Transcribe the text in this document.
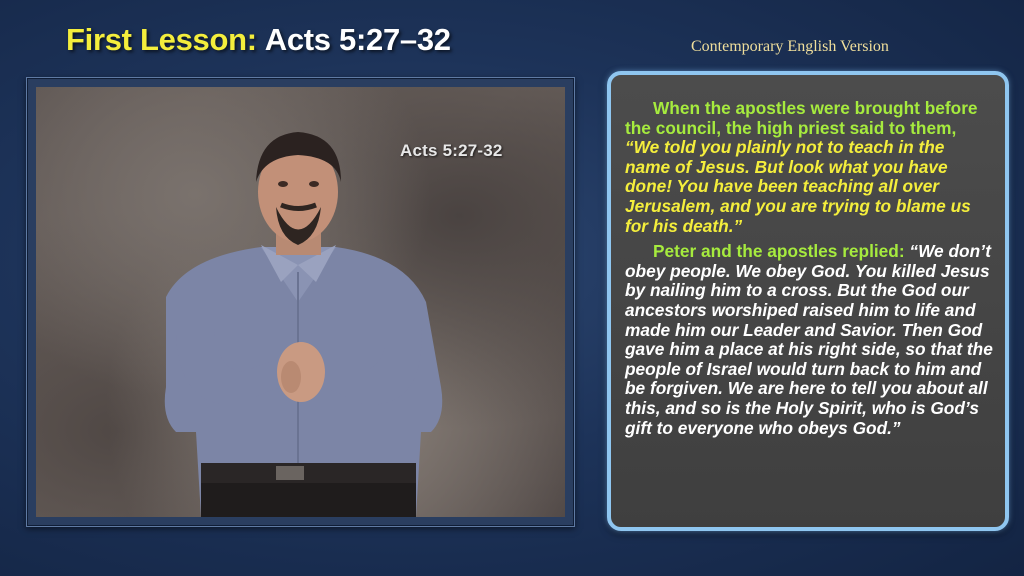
First Lesson: Acts 5:27–32	Contemporary English Version
Acts 5:27-32

When the apostles were brought before the council, the high priest said to them, “We told you plainly not to teach in the name of Jesus. But look what you have done! You have been teaching all over Jerusalem, and you are trying to blame us for his death.”

Peter and the apostles replied: “We don’t obey people. We obey God. You killed Jesus by nailing him to a cross. But the God our ancestors worshiped raised him to life and made him our Leader and Savior. Then God gave him a place at his right side, so that the people of Israel would turn back to him and be forgiven. We are here to tell you about all this, and so is the Holy Spirit, who is God’s gift to everyone who obeys God.”
